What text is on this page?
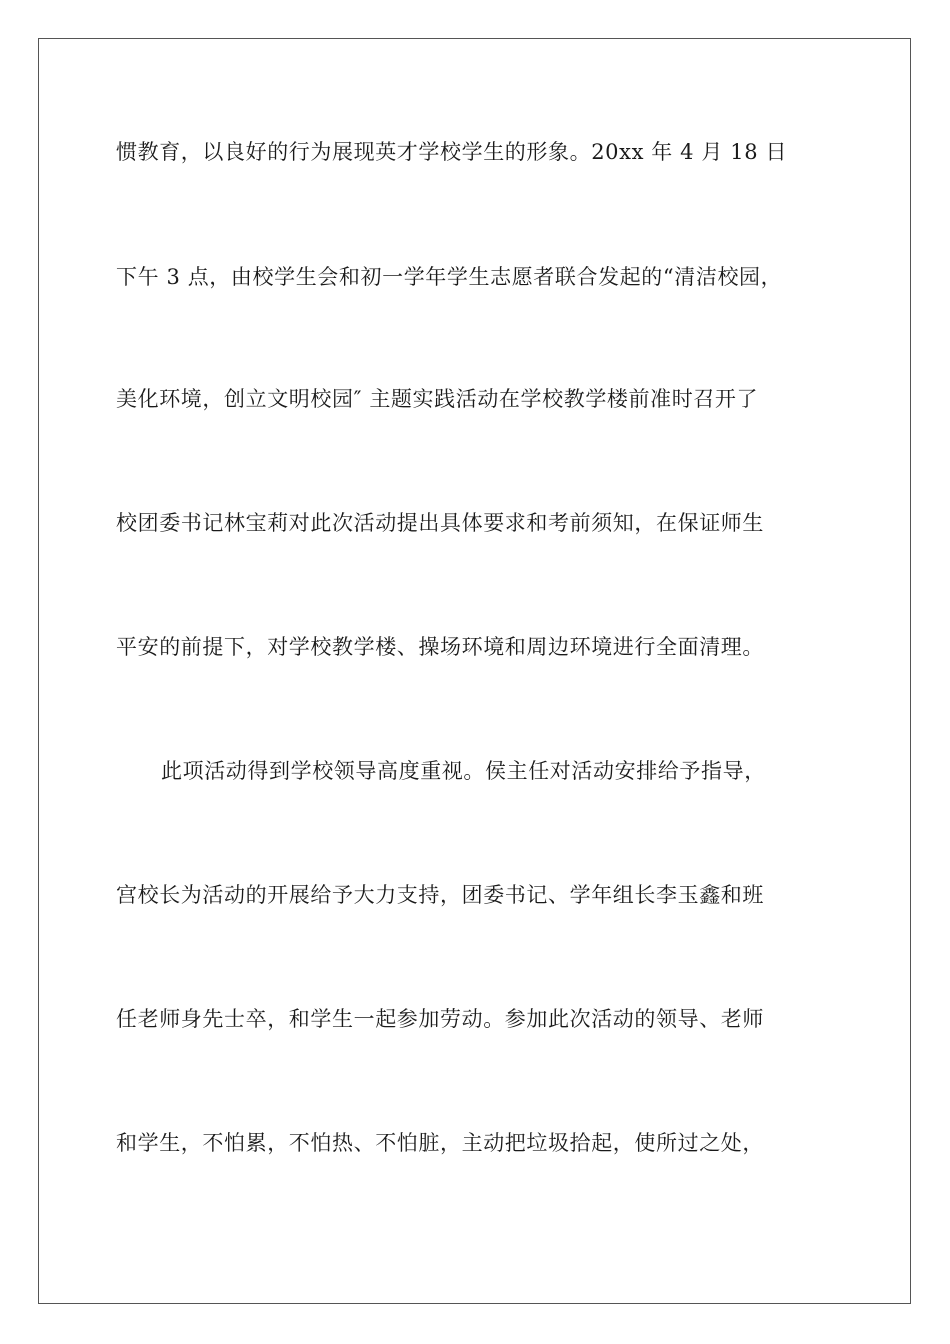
惯教育，以良好的行为展现英才学校学生的形象。20xx 年 4 月 18 日
下午 3 点，由校学生会和初一学年学生志愿者联合发起的“清洁校园，
美化环境，创立文明校园″ 主题实践活动在学校教学楼前准时召开了
校团委书记林宝莉对此次活动提出具体要求和考前须知，在保证师生
平安的前提下，对学校教学楼、操场环境和周边环境进行全面清理。
此项活动得到学校领导高度重视。侯主任对活动安排给予指导，
宫校长为活动的开展给予大力支持，团委书记、学年组长李玉鑫和班
任老师身先士卒，和学生一起参加劳动。参加此次活动的领导、老师
和学生，不怕累，不怕热、不怕脏，主动把垃圾拾起，使所过之处，
